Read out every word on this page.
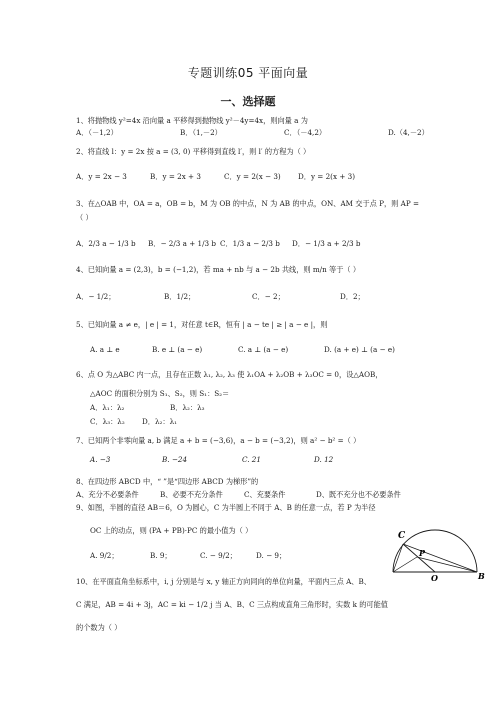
专题训练05 平面向量
一、选择题
1、将抛物线 y²=4x 沿向量 a 平移得到抛物线 y²－4y=4x，则向量 a 为
A．（－1,2）	B．（1,－2）	C．（－4,2）	D.（4,－2）
2、将直线 l：y = 2x 按 a = (3, 0) 平移得到直线 l′，则 l′ 的方程为（ ）
A．y = 2x − 3	B．y = 2x + 3	C．y = 2(x − 3)	D．y = 2(x + 3)
3、在△OAB 中，OA = a，OB = b，M 为 OB 的中点，N 为 AB 的中点，ON、AM 交于点 P，则 AP =
（ ）
A．2/3 a − 1/3 b	B．− 2/3 a + 1/3 b C．1/3 a − 2/3 b	D．− 1/3 a + 2/3 b
4、已知向量 a = (2,3)，b = (−1,2)，若 ma + nb 与 a − 2b 共线，则 m/n 等于（ ）
A．− 1/2；	B．1/2；	C．− 2；	D．2；
5、已知向量 a ≠ e，| e | = 1，对任意 t∈R，恒有 | a − te | ≥ | a − e |，则
A. a ⊥ e	B. e ⊥ (a − e)	C. a ⊥ (a − e)	D. (a + e) ⊥ (a − e)
6、点 O 为△ABC 内一点，且存在正数 λ₁, λ₂, λ₃ 使 λ₁OA + λ₂OB + λ₃OC = 0，设△AOB，
△AOC 的面积分别为 S₁、S₂，则 S₁：S₂＝
A．λ₁：λ₂	B．λ₂：λ₃
C．λ₃：λ₂	D．λ₂：λ₁
7、已知两个非零向量 a, b 满足 a + b = (−3,6)，a − b = (−3,2)，则 a² − b² =（ ）
A. −3	B. −24	C. 21	D. 12
8、在四边形 ABCD 中，“ ”是“四边形 ABCD 为梯形”的
A、充分不必要条件	B、必要不充分条件	C、充要条件	D、既不充分也不必要条件
9、如图，半圆的直径 AB＝6，O 为圆心，C 为半圆上不同于 A、B 的任意一点，若 P 为半径
OC 上的动点，则 (PA + PB)·PC 的最小值为（ ）
A. 9/2；	B. 9；	C. − 9/2；	D. − 9；
10、在平面直角坐标系中，i, j 分别是与 x, y 轴正方向同向的单位向量，平面内三点 A、B、
C 满足，AB = 4i + 3j，AC = ki − 1/2 j 当 A、B、C 三点构成直角三角形时，实数 k 的可能值
的个数为（ ）
C
P
O	B
